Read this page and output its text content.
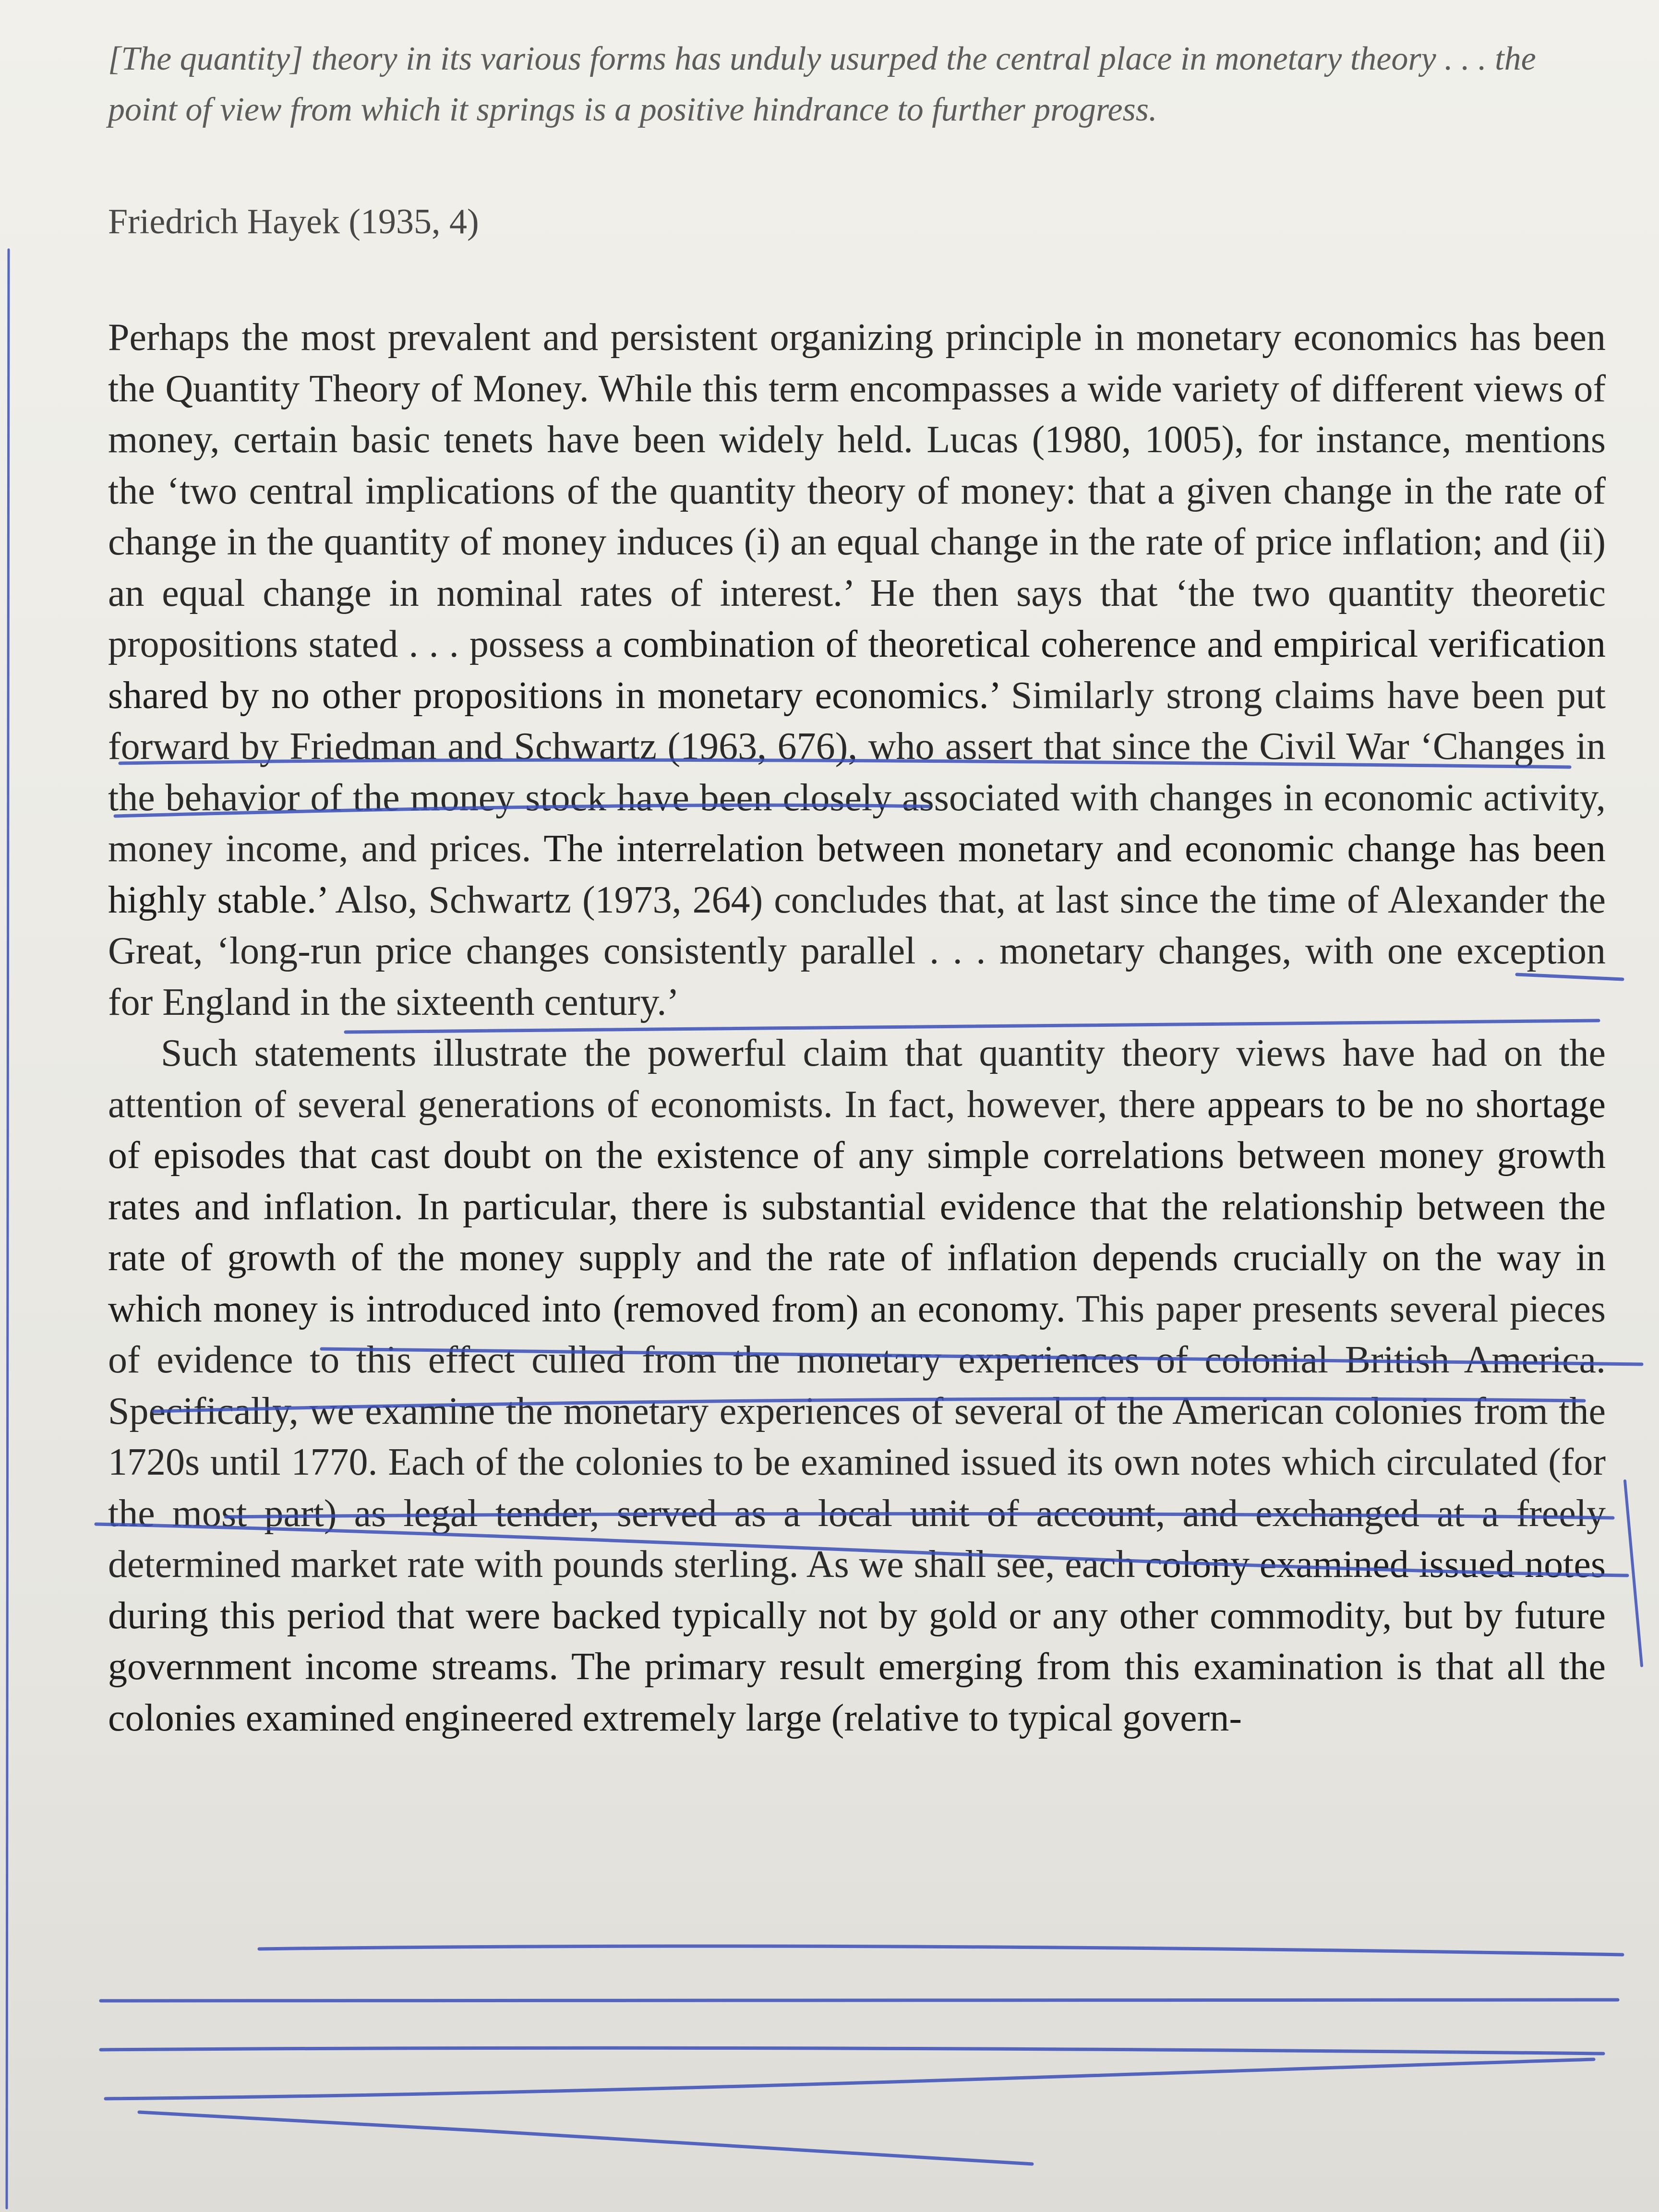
[The quantity] theory in its various forms has unduly usurped the central place in monetary theory . . . the point of view from which it springs is a positive hindrance to further progress.
Friedrich Hayek (1935, 4)

Perhaps the most prevalent and persistent organizing principle in monetary economics has been the Quantity Theory of Money. While this term encompasses a wide variety of different views of money, certain basic tenets have been widely held. Lucas (1980, 1005), for instance, mentions the ‘two central implications of the quantity theory of money: that a given change in the rate of change in the quantity of money induces (i) an equal change in the rate of price inflation; and (ii) an equal change in nominal rates of interest.’ He then says that ‘the two quantity theoretic propositions stated . . . possess a combination of theoretical coherence and empirical verification shared by no other propositions in monetary economics.’ Similarly strong claims have been put forward by Friedman and Schwartz (1963, 676), who assert that since the Civil War ‘Changes in the behavior of the money stock have been closely associated with changes in economic activity, money income, and prices. The interrelation between monetary and economic change has been highly stable.’ Also, Schwartz (1973, 264) concludes that, at last since the time of Alexander the Great, ‘long-run price changes consistently parallel . . . monetary changes, with one exception for England in the sixteenth century.’

Such statements illustrate the powerful claim that quantity theory views have had on the attention of several generations of economists. In fact, however, there appears to be no shortage of episodes that cast doubt on the existence of any simple correlations between money growth rates and inflation. In particular, there is substantial evidence that the relationship between the rate of growth of the money supply and the rate of inflation depends crucially on the way in which money is introduced into (removed from) an economy. This paper presents several pieces of evidence to this effect culled from the monetary experiences of colonial British America. Specifically, we examine the monetary experiences of several of the American colonies from the 1720s until 1770. Each of the colonies to be examined issued its own notes which circulated (for the most part) as legal tender, served as a local unit of account, and exchanged at a freely determined market rate with pounds sterling. As we shall see, each colony examined issued notes during this period that were backed typically not by gold or any other commodity, but by future government income streams. The primary result emerging from this examination is that all the colonies examined engineered extremely large (relative to typical govern-
